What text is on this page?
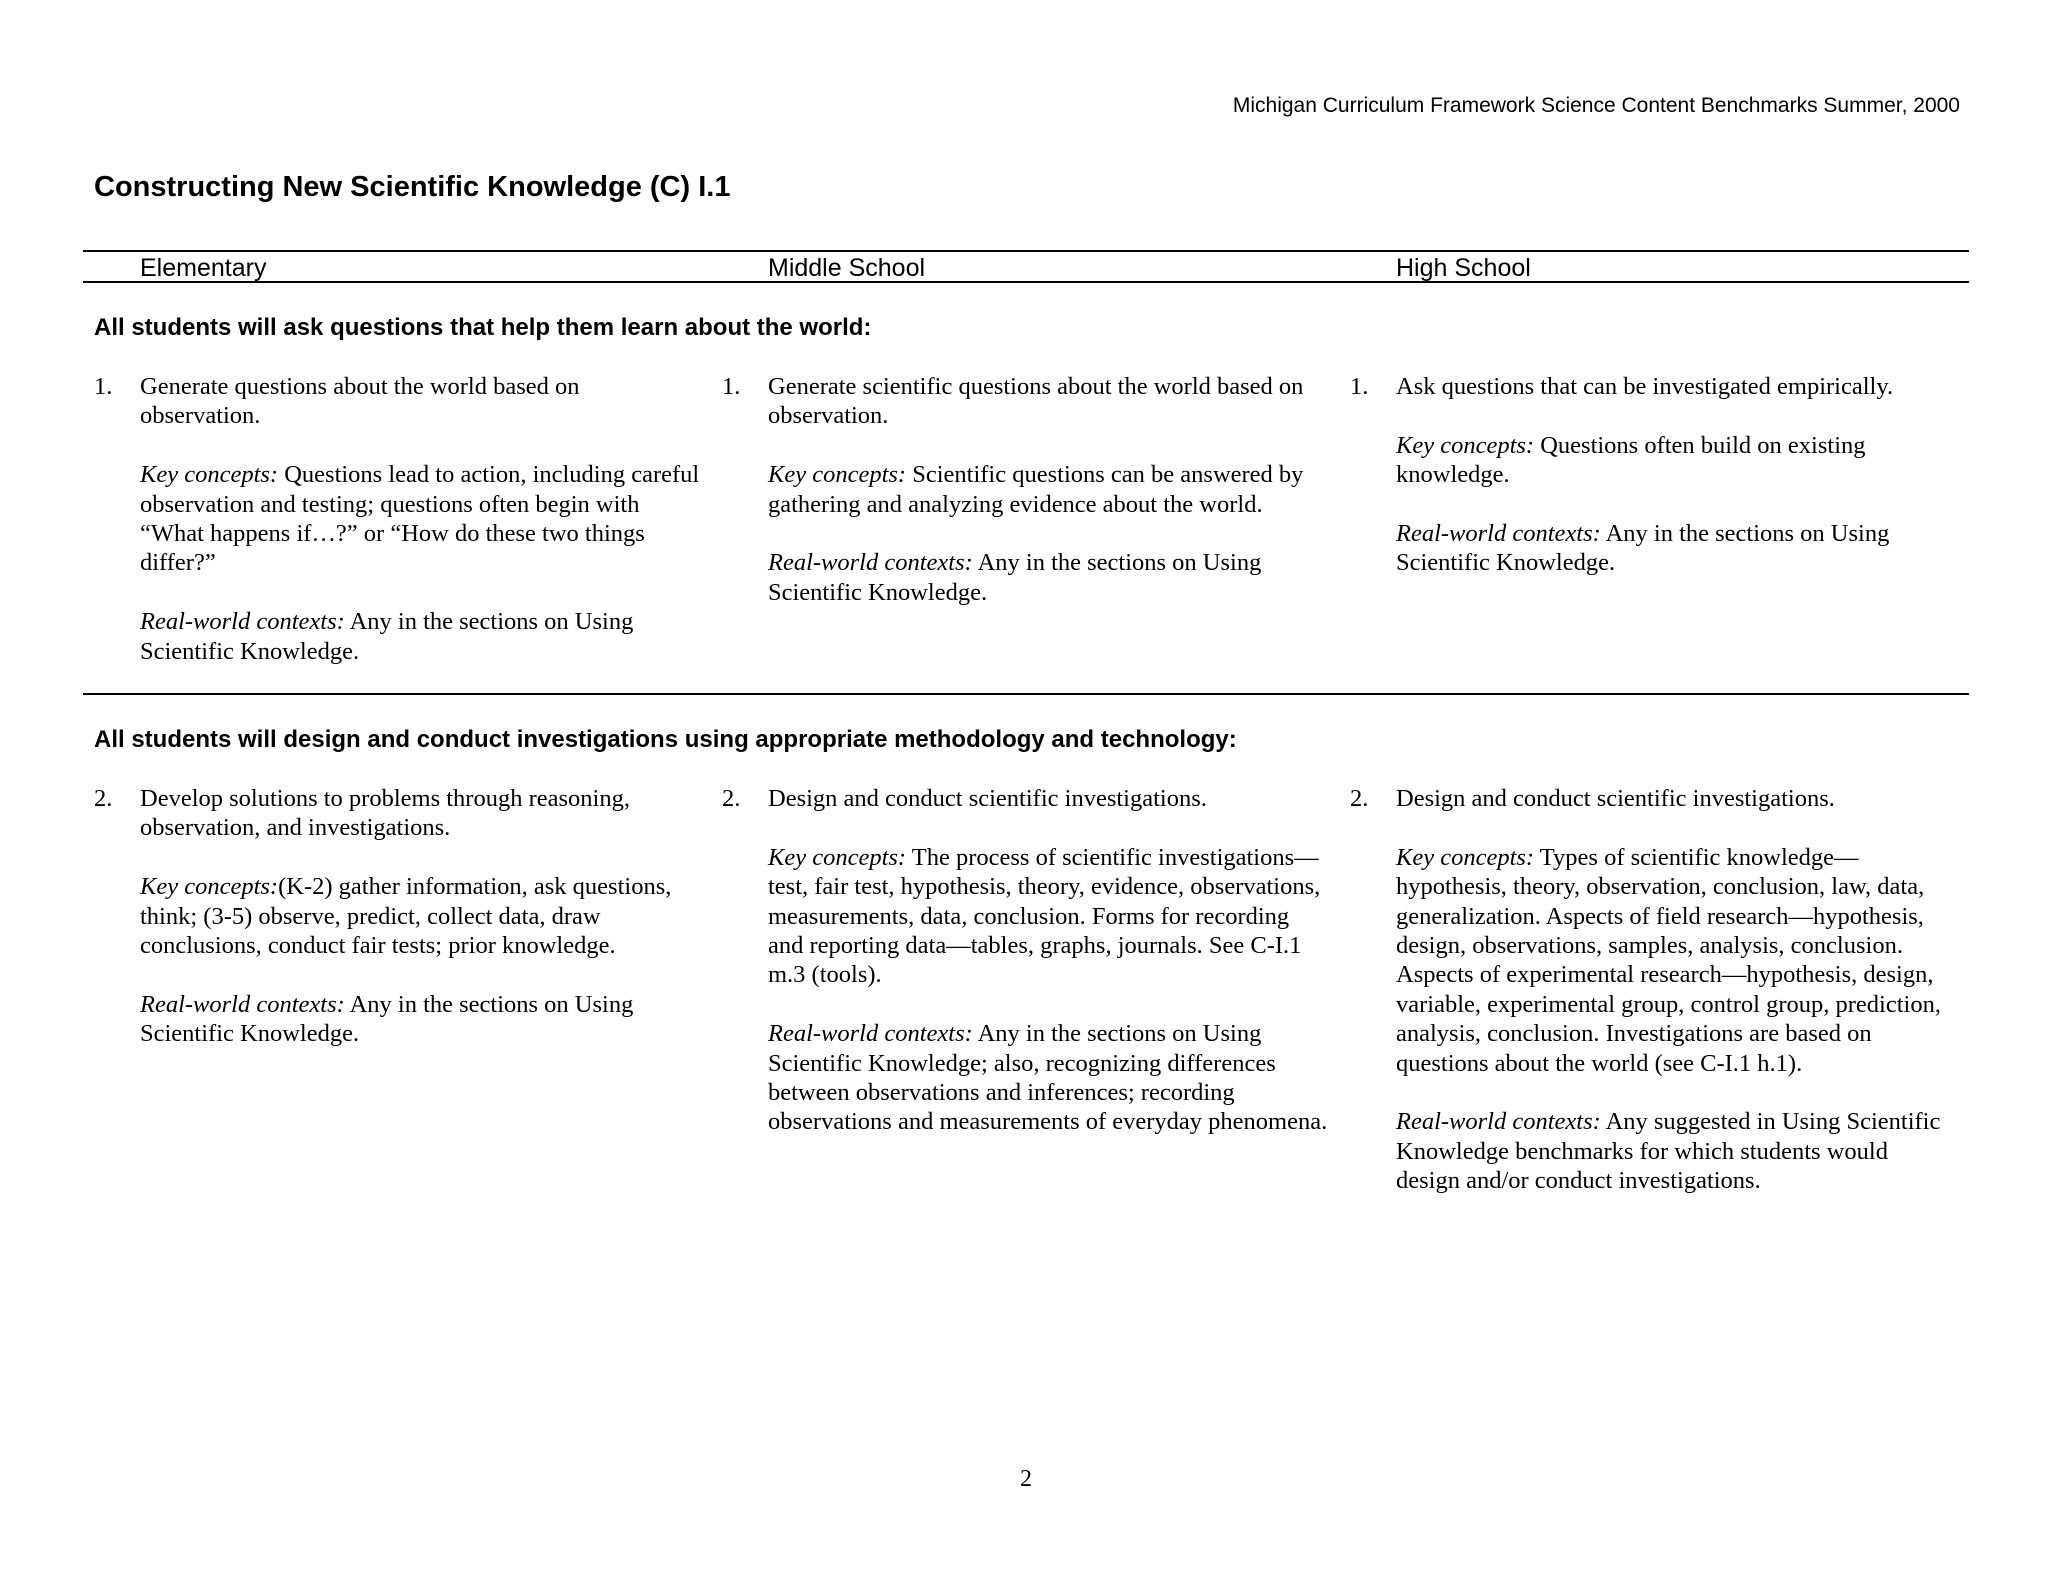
Michigan Curriculum Framework Science Content Benchmarks Summer, 2000
Constructing New Scientific Knowledge (C) I.1
Elementary	Middle School	High School
All students will ask questions that help them learn about the world:
1. Generate questions about the world based on observation.

Key concepts: Questions lead to action, including careful observation and testing; questions often begin with “What happens if…?” or “How do these two things differ?”

Real-world contexts: Any in the sections on Using Scientific Knowledge.

1. Generate scientific questions about the world based on observation.

Key concepts: Scientific questions can be answered by gathering and analyzing evidence about the world.

Real-world contexts: Any in the sections on Using Scientific Knowledge.

1. Ask questions that can be investigated empirically.

Key concepts: Questions often build on existing knowledge.

Real-world contexts: Any in the sections on Using Scientific Knowledge.

All students will design and conduct investigations using appropriate methodology and technology:
2. Develop solutions to problems through reasoning, observation, and investigations.

Key concepts:(K-2) gather information, ask questions, think; (3-5) observe, predict, collect data, draw conclusions, conduct fair tests; prior knowledge.

Real-world contexts: Any in the sections on Using Scientific Knowledge.

2. Design and conduct scientific investigations.

Key concepts: The process of scientific investigations—test, fair test, hypothesis, theory, evidence, observations, measurements, data, conclusion. Forms for recording and reporting data—tables, graphs, journals. See C-I.1 m.3 (tools).

Real-world contexts: Any in the sections on Using Scientific Knowledge; also, recognizing differences between observations and inferences; recording observations and measurements of everyday phenomena.

2. Design and conduct scientific investigations.

Key concepts: Types of scientific knowledge—hypothesis, theory, observation, conclusion, law, data, generalization. Aspects of field research—hypothesis, design, observations, samples, analysis, conclusion. Aspects of experimental research—hypothesis, design, variable, experimental group, control group, prediction, analysis, conclusion. Investigations are based on questions about the world (see C-I.1 h.1).

Real-world contexts: Any suggested in Using Scientific Knowledge benchmarks for which students would design and/or conduct investigations.

2
